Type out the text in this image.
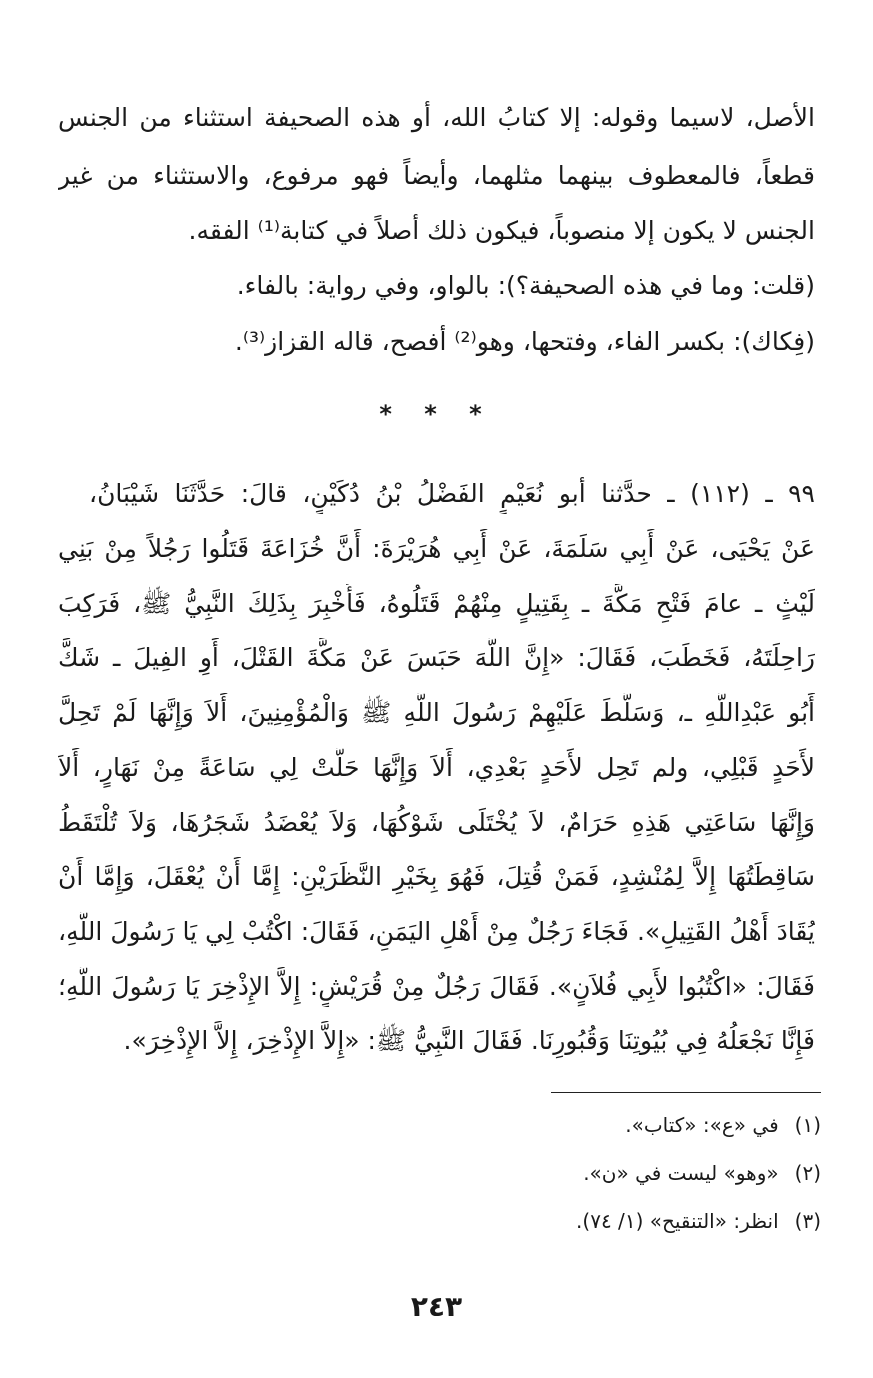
الأصل، لاسيما وقوله: إلا كتابُ الله، أو هذه الصحيفة استثناء من الجنس
قطعاً، فالمعطوف بينهما مثلهما، وأيضاً فهو مرفوع، والاستثناء من غير
الجنس لا يكون إلا منصوباً، فيكون ذلك أصلاً في كتابة⁽¹⁾ الفقه.
(قلت: وما في هذه الصحيفة؟): بالواو، وفي رواية: بالفاء.
(فِكاك): بكسر الفاء، وفتحها، وهو⁽²⁾ أفصح، قاله القزاز⁽³⁾.
* * *
٩٩ ـ (١١٢) ـ حدَّثنا أبو نُعَيْمٍ الفَضْلُ بْنُ دُكَيْنٍ، قالَ: حَدَّثَنَا شَيْبَانُ،
عَنْ يَحْيَى، عَنْ أَبِي سَلَمَةَ، عَنْ أَبِي هُرَيْرَةَ: أَنَّ خُزَاعَةَ قَتَلُوا رَجُلاً مِنْ بَنِي
لَيْثٍ ـ عامَ فَتْحِ مَكَّةَ ـ بِقَتِيلٍ مِنْهُمْ قَتَلُوهُ، فَأُخْبِرَ بِذَلِكَ النَّبِيُّ ﷺ، فَرَكِبَ
رَاحِلَتَهُ، فَخَطَبَ، فَقَالَ: «إِنَّ اللَّهَ حَبَسَ عَنْ مَكَّةَ القَتْلَ، أَوِ الفِيلَ ـ شَكَّ
أَبُو عَبْدِاللَّهِ ـ، وَسَلَّطَ عَلَيْهِمْ رَسُولَ اللَّهِ ﷺ وَالْمُؤْمِنِينَ، أَلاَ وَإِنَّهَا لَمْ تَحِلَّ
لأَحَدٍ قَبْلِي، ولم تَحِل لأَحَدٍ بَعْدِي، أَلاَ وَإِنَّهَا حَلَّتْ لِي سَاعَةً مِنْ نَهَارٍ، أَلاَ
وَإِنَّهَا سَاعَتِي هَذِهِ حَرَامٌ، لاَ يُخْتَلَى شَوْكُهَا، وَلاَ يُعْضَدُ شَجَرُهَا، وَلاَ تُلْتَقَطُ
سَاقِطَتُهَا إِلاَّ لِمُنْشِدٍ، فَمَنْ قُتِلَ، فَهُوَ بِخَيْرِ النَّظَرَيْنِ: إِمَّا أَنْ يُعْقَلَ، وَإِمَّا أَنْ
يُقَادَ أَهْلُ القَتِيلِ». فَجَاءَ رَجُلٌ مِنْ أَهْلِ اليَمَنِ، فَقَالَ: اكْتُبْ لِي يَا رَسُولَ اللَّهِ،
فَقَالَ: «اكْتُبُوا لأَبِي فُلاَنٍ». فَقَالَ رَجُلٌ مِنْ قُرَيْشٍ: إِلاَّ الإِذْخِرَ يَا رَسُولَ اللَّهِ؛
فَإِنَّا نَجْعَلُهُ فِي بُيُوتِنَا وَقُبُورِنَا. فَقَالَ النَّبِيُّ ﷺ: «إِلاَّ الإِذْخِرَ، إِلاَّ الإِذْخِرَ».
(١) في «ع»: «كتاب».
(٢) «وهو» ليست في «ن».
(٣) انظر: «التنقيح» (١/ ٧٤).
٢٤٣
